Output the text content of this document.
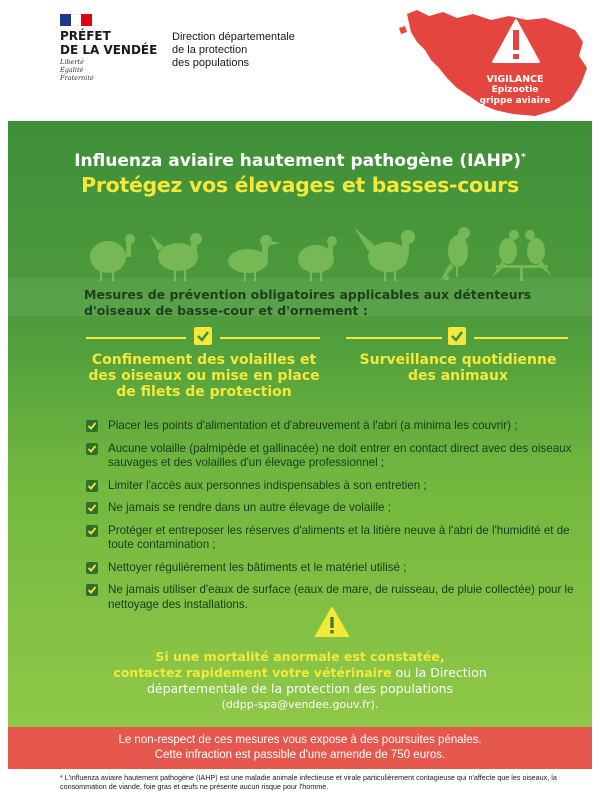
PRÉFET
DE LA VENDÉE
Liberté
Égalité
Fraternité
Direction départementale
de la protection
des populations
VIGILANCE
Epizootie
grippe aviaire
Influenza aviaire hautement pathogène (IAHP)*
Protégez vos élevages et basses-cours
Mesures de prévention obligatoires applicables aux détenteurs d'oiseaux de basse-cour et d'ornement :
Confinement des volailles et des oiseaux ou mise en place de filets de protection
Surveillance quotidienne des animaux
Placer les points d'alimentation et d'abreuvement à l'abri (a minima les couvrir) ;
Aucune volaille (palmipède et gallinacée) ne doit entrer en contact direct avec des oiseaux sauvages et des volailles d'un élevage professionnel ;
Limiter l'accès aux personnes indispensables à son entretien ;
Ne jamais se rendre dans un autre élevage de volaille ;
Protéger et entreposer les réserves d'aliments et la litière neuve à l'abri de l'humidité et de toute contamination ;
Nettoyer régulièrement les bâtiments et le matériel utilisé ;
Ne jamais utiliser d'eaux de surface (eaux de mare, de ruisseau, de pluie collectée) pour le nettoyage des installations.
Si une mortalité anormale est constatée,
contactez rapidement votre vétérinaire ou la Direction
départementale de la protection des populations
(ddpp-spa@vendee.gouv.fr).
Le non-respect de ces mesures vous expose à des poursuites pénales.
Cette infraction est passible d'une amende de 750 euros.
* L'influenza aviaire hautement pathogène (IAHP) est une maladie animale infectieuse et virale particulièrement contagieuse qui n'affecte que les oiseaux, la consommation de viande, foie gras et œufs ne présente aucun risque pour l'homme.
